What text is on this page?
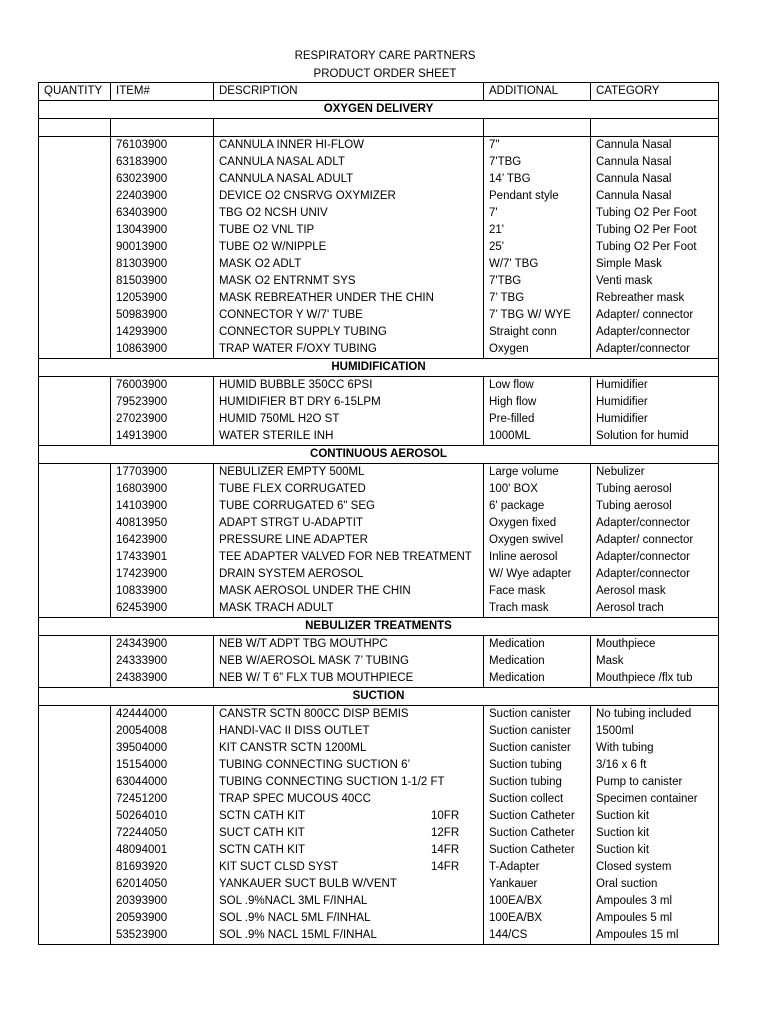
RESPIRATORY CARE PARTNERS
PRODUCT ORDER SHEET
QUANTITY	ITEM#	DESCRIPTION	ADDITIONAL	CATEGORY
OXYGEN DELIVERY				

	76103900	CANNULA INNER HI-FLOW	7"	Cannula Nasal
	63183900	CANNULA NASAL ADLT	7'TBG	Cannula Nasal
	63023900	CANNULA NASAL ADULT	14’ TBG	Cannula Nasal
	22403900	DEVICE O2 CNSRVG OXYMIZER	Pendant style	Cannula Nasal
	63403900	TBG O2 NCSH UNIV	7'	Tubing O2 Per Foot
	13043900	TUBE O2 VNL TIP	21'	Tubing O2 Per Foot
	90013900	TUBE O2 W/NIPPLE	25'	Tubing O2 Per Foot
	81303900	MASK O2 ADLT	W/7' TBG	Simple Mask
	81503900	MASK O2 ENTRNMT SYS	7'TBG	Venti mask
	12053900	MASK REBREATHER UNDER THE CHIN	7’ TBG	Rebreather mask
	50983900	CONNECTOR Y W/7' TUBE	7’ TBG W/ WYE	Adapter/ connector
	14293900	CONNECTOR SUPPLY TUBING	Straight conn	Adapter/connector
	10863900	TRAP WATER F/OXY TUBING	Oxygen	Adapter/connector
HUMIDIFICATION				
	76003900	HUMID BUBBLE 350CC 6PSI	Low flow	Humidifier
	79523900	HUMIDIFIER BT DRY 6-15LPM	High flow	Humidifier
	27023900	HUMID 750ML H2O ST	Pre-filled	Humidifier
	14913900	WATER STERILE INH	1000ML	Solution for humid
CONTINUOUS AEROSOL				
	17703900	NEBULIZER EMPTY 500ML	Large volume	Nebulizer
	16803900	TUBE FLEX CORRUGATED	100' BOX	Tubing aerosol
	14103900	TUBE CORRUGATED 6" SEG	6' package	Tubing aerosol
	40813950	ADAPT STRGT U-ADAPTIT	Oxygen fixed	Adapter/connector
	16423900	PRESSURE LINE ADAPTER	Oxygen swivel	Adapter/ connector
	17433901	TEE ADAPTER VALVED FOR NEB TREATMENT	Inline aerosol	Adapter/connector
	17423900	DRAIN SYSTEM AEROSOL	W/ Wye adapter	Adapter/connector
	10833900	MASK AEROSOL UNDER THE CHIN	Face mask	Aerosol mask
	62453900	MASK TRACH ADULT	Trach mask	Aerosol trach
NEBULIZER TREATMENTS				
	24343900	NEB W/T ADPT TBG MOUTHPC	Medication	Mouthpiece
	24333900	NEB W/AEROSOL MASK 7’ TUBING	Medication	Mask
	24383900	NEB W/ T 6” FLX TUB MOUTHPIECE	Medication	Mouthpiece /flx tub
SUCTION				
	42444000	CANSTR SCTN 800CC DISP BEMIS	Suction canister	No tubing included
	20054008	HANDI-VAC II DISS OUTLET	Suction canister	1500ml
	39504000	KIT CANSTR SCTN 1200ML	Suction canister	With tubing
	15154000	TUBING CONNECTING SUCTION 6’	Suction tubing	3/16 x 6 ft
	63044000	TUBING CONNECTING SUCTION 1-1/2 FT	Suction tubing	Pump to canister
	72451200	TRAP SPEC MUCOUS 40CC	Suction collect	Specimen container
	50264010	SCTN CATH KIT 10FR	Suction Catheter	Suction kit
	72244050	SUCT CATH KIT 12FR	Suction Catheter	Suction kit
	48094001	SCTN CATH KIT 14FR	Suction Catheter	Suction kit
	81693920	KIT SUCT CLSD SYST 14FR	T-Adapter	Closed system
	62014050	YANKAUER SUCT BULB W/VENT	Yankauer	Oral suction
	20393900	SOL .9%NACL 3ML F/INHAL	100EA/BX	Ampoules 3 ml
	20593900	SOL .9% NACL 5ML F/INHAL	100EA/BX	Ampoules 5 ml
	53523900	SOL .9% NACL 15ML F/INHAL	144/CS	Ampoules 15 ml
